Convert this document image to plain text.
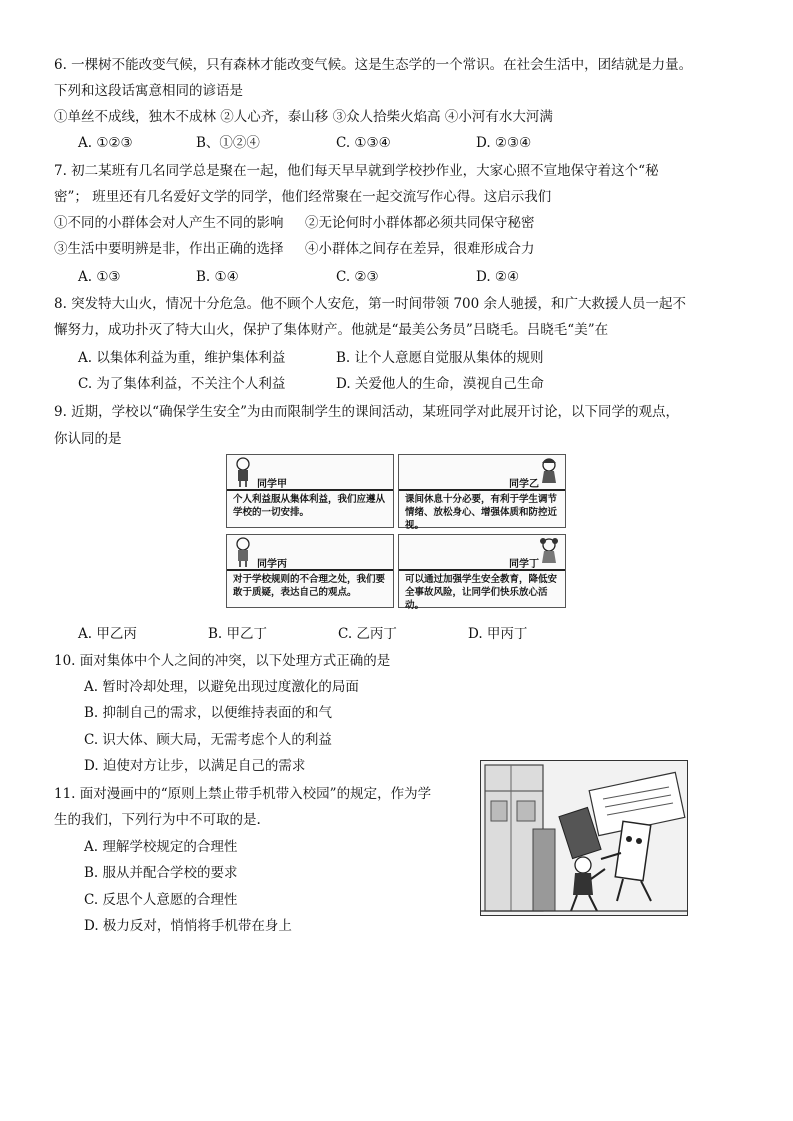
6. 一棵树不能改变气候，只有森林才能改变气候。这是生态学的一个常识。在社会生活中，团结就是力量。
下列和这段话寓意相同的谚语是
①单丝不成线，独木不成林 ②人心齐，泰山移 ③众人拾柴火焰高 ④小河有水大河满
A. ①②③	B、①②④	C. ①③④	D. ②③④
7. 初二某班有几名同学总是聚在一起，他们每天早早就到学校抄作业，大家心照不宣地保守着这个“秘
密”； 班里还有几名爱好文学的同学，他们经常聚在一起交流写作心得。这启示我们
①不同的小群体会对人产生不同的影响     ②无论何时小群体都必须共同保守秘密
③生活中要明辨是非，作出正确的选择     ④小群体之间存在差异，很难形成合力
A. ①③	B. ①④	C. ②③	D. ②④
8. 突发特大山火，情况十分危急。他不顾个人安危，第一时间带领 700 余人驰援，和广大救援人员一起不
懈努力，成功扑灭了特大山火，保护了集体财产。他就是“最美公务员”吕晓毛。吕晓毛“美”在
A. 以集体利益为重，维护集体利益	B. 让个人意愿自觉服从集体的规则
C. 为了集体利益，不关注个人利益	D. 关爱他人的生命，漠视自己生命
9. 近期，学校以“确保学生安全”为由而限制学生的课间活动，某班同学对此展开讨论，以下同学的观点，
你认同的是
同学甲
个人利益服从集体利益，我们应遵从学校的一切安排。
同学乙
课间休息十分必要，有利于学生调节情绪、放松身心、增强体质和防控近视。
同学丙
对于学校规则的不合理之处，我们要敢于质疑，表达自己的观点。
同学丁
可以通过加强学生安全教育，降低安全事故风险，让同学们快乐放心活动。
A. 甲乙丙	B. 甲乙丁	C. 乙丙丁	D. 甲丙丁
10. 面对集体中个人之间的冲突，以下处理方式正确的是
A. 暂时冷却处理，以避免出现过度激化的局面
B. 抑制自己的需求，以便维持表面的和气
C. 识大体、顾大局，无需考虑个人的利益
D. 迫使对方让步，以满足自己的需求
11. 面对漫画中的“原则上禁止带手机带入校园”的规定，作为学
生的我们，下列行为中不可取的是.
A. 理解学校规定的合理性
B. 服从并配合学校的要求
C. 反思个人意愿的合理性
D. 极力反对，悄悄将手机带在身上
